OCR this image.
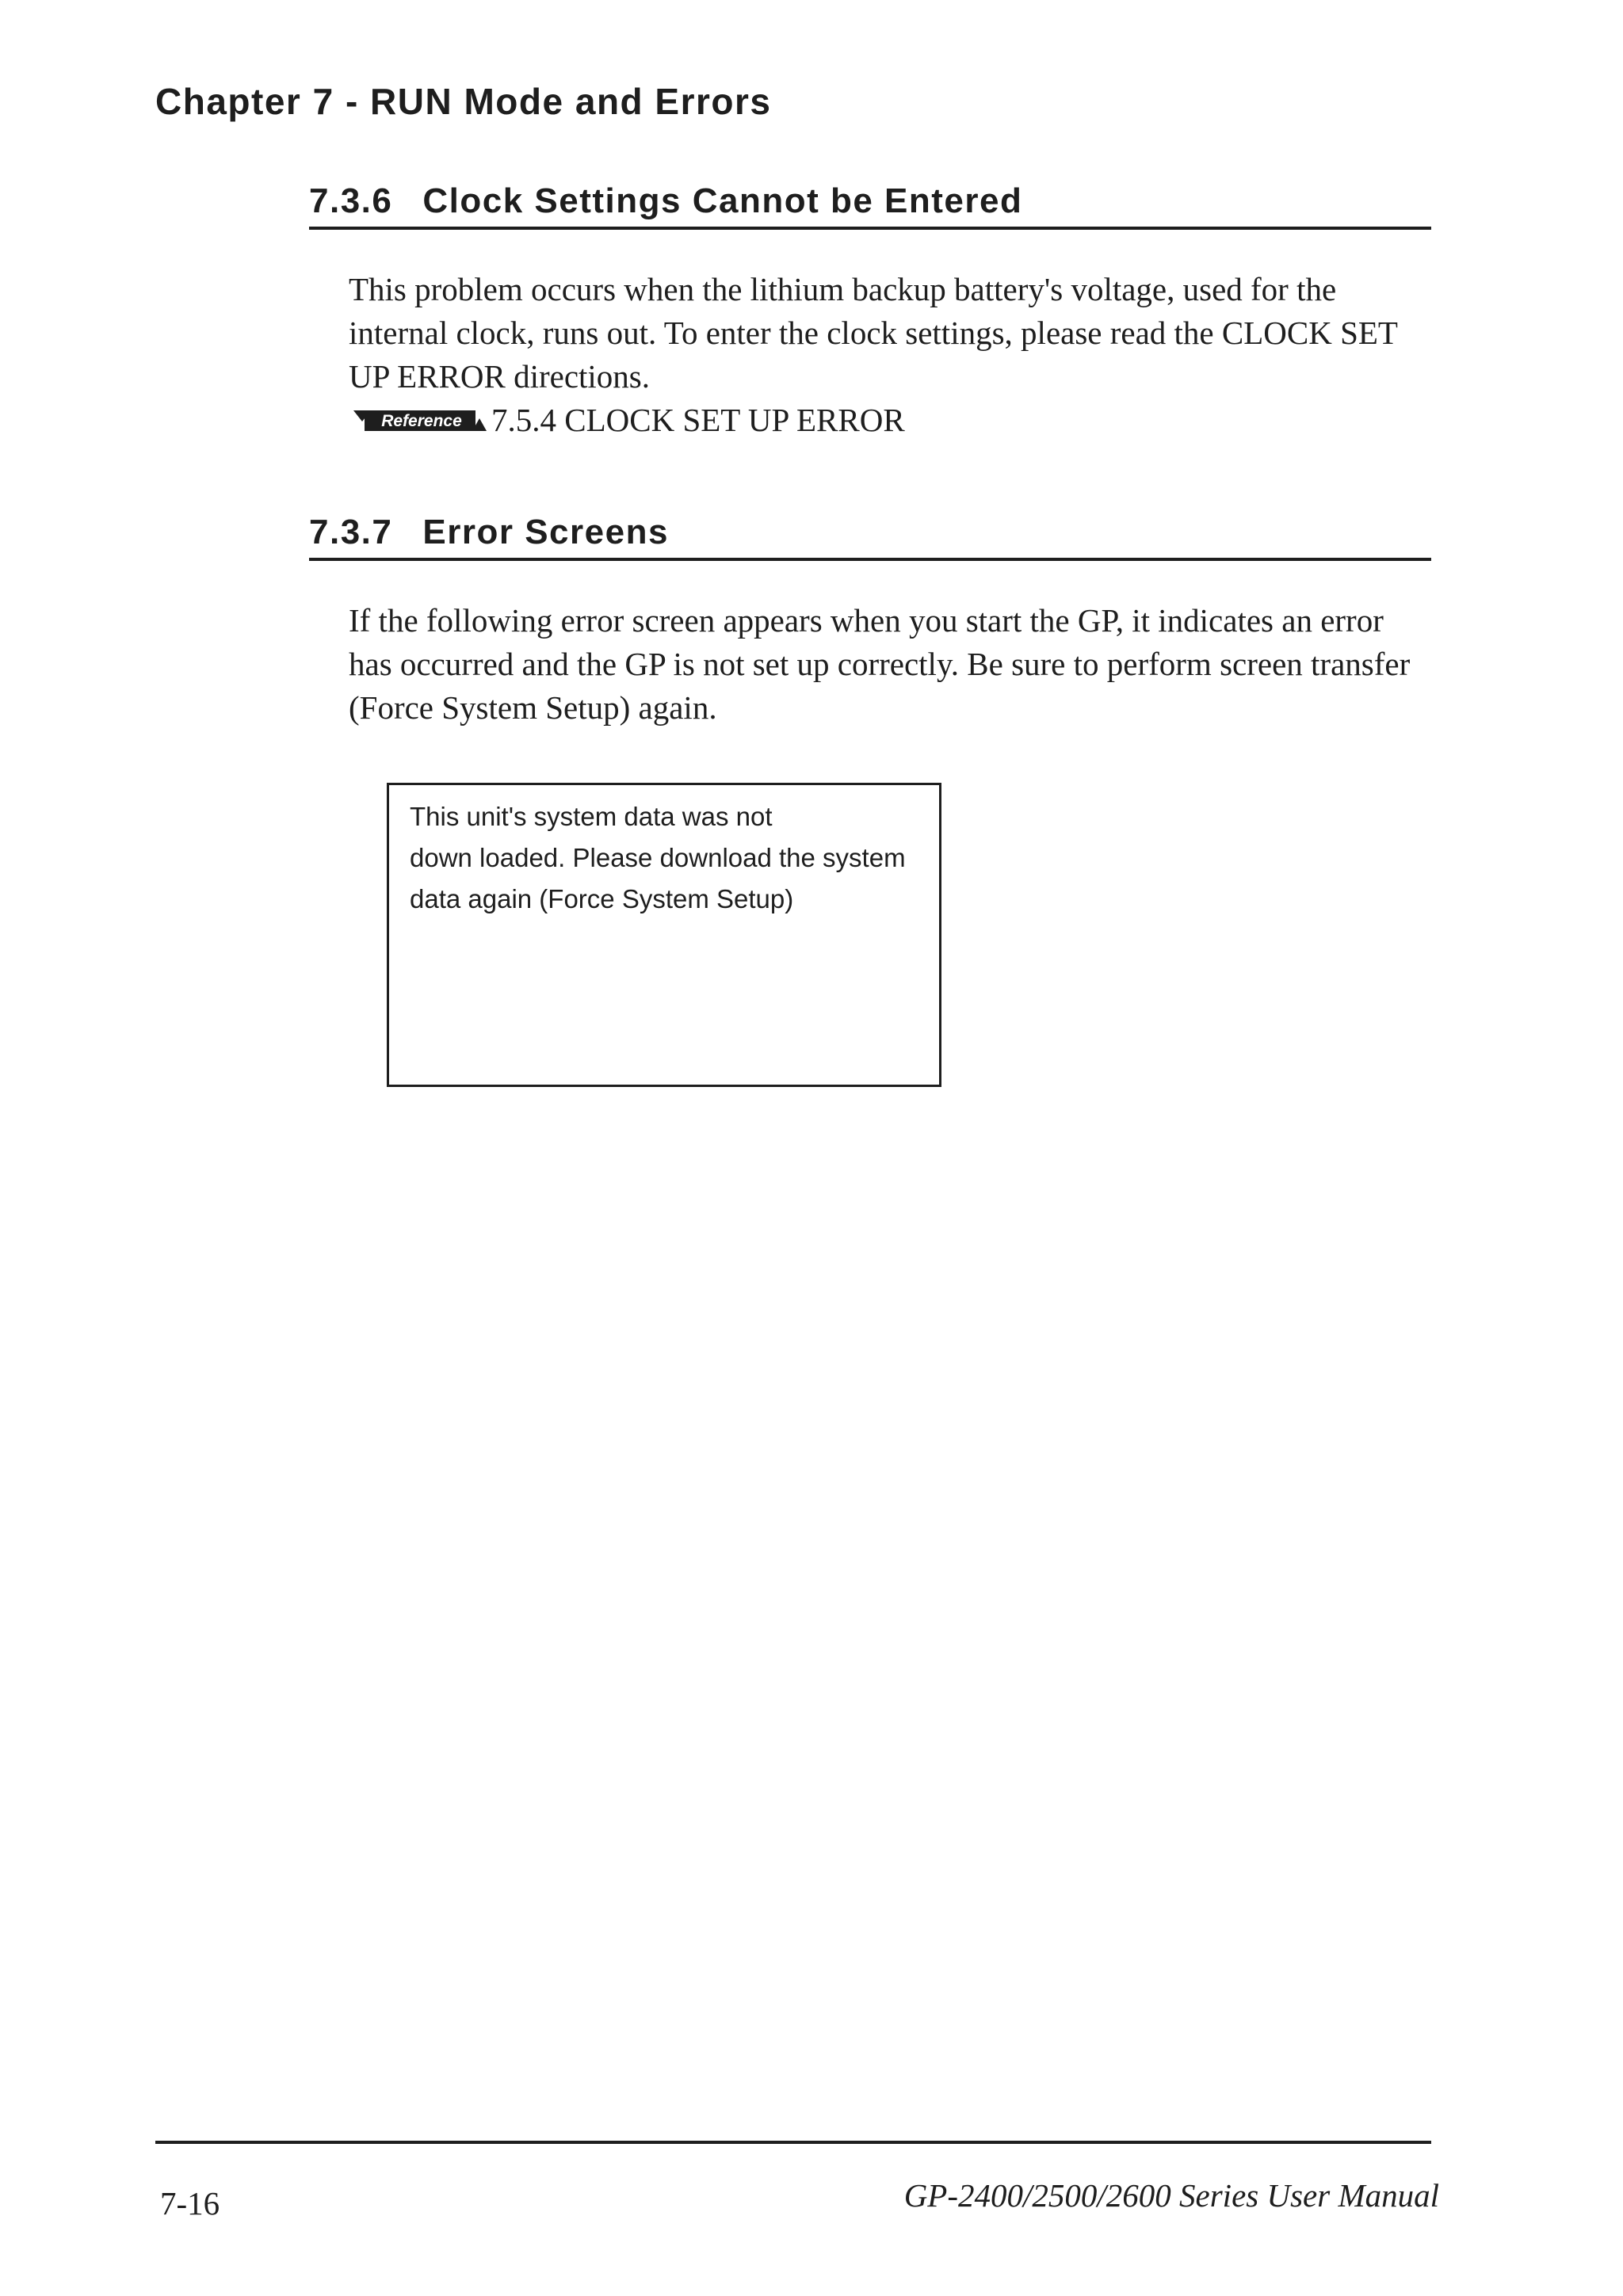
Chapter 7 - RUN Mode and Errors
7.3.6 Clock Settings Cannot be Entered

This problem occurs when the lithium backup battery's voltage, used for the

internal clock, runs out. To enter the clock settings, please read the CLOCK SET

UP ERROR directions.

Reference 7.5.4 CLOCK SET UP ERROR
7.3.7 Error Screens

If the following error screen appears when you start the GP, it indicates an error

has occurred and the GP is not set up correctly. Be sure to perform screen transfer

(Force System Setup) again.

This unit's system data was not

down loaded. Please download the system

data again (Force System Setup)

7-16	GP-2400/2500/2600 Series User Manual
